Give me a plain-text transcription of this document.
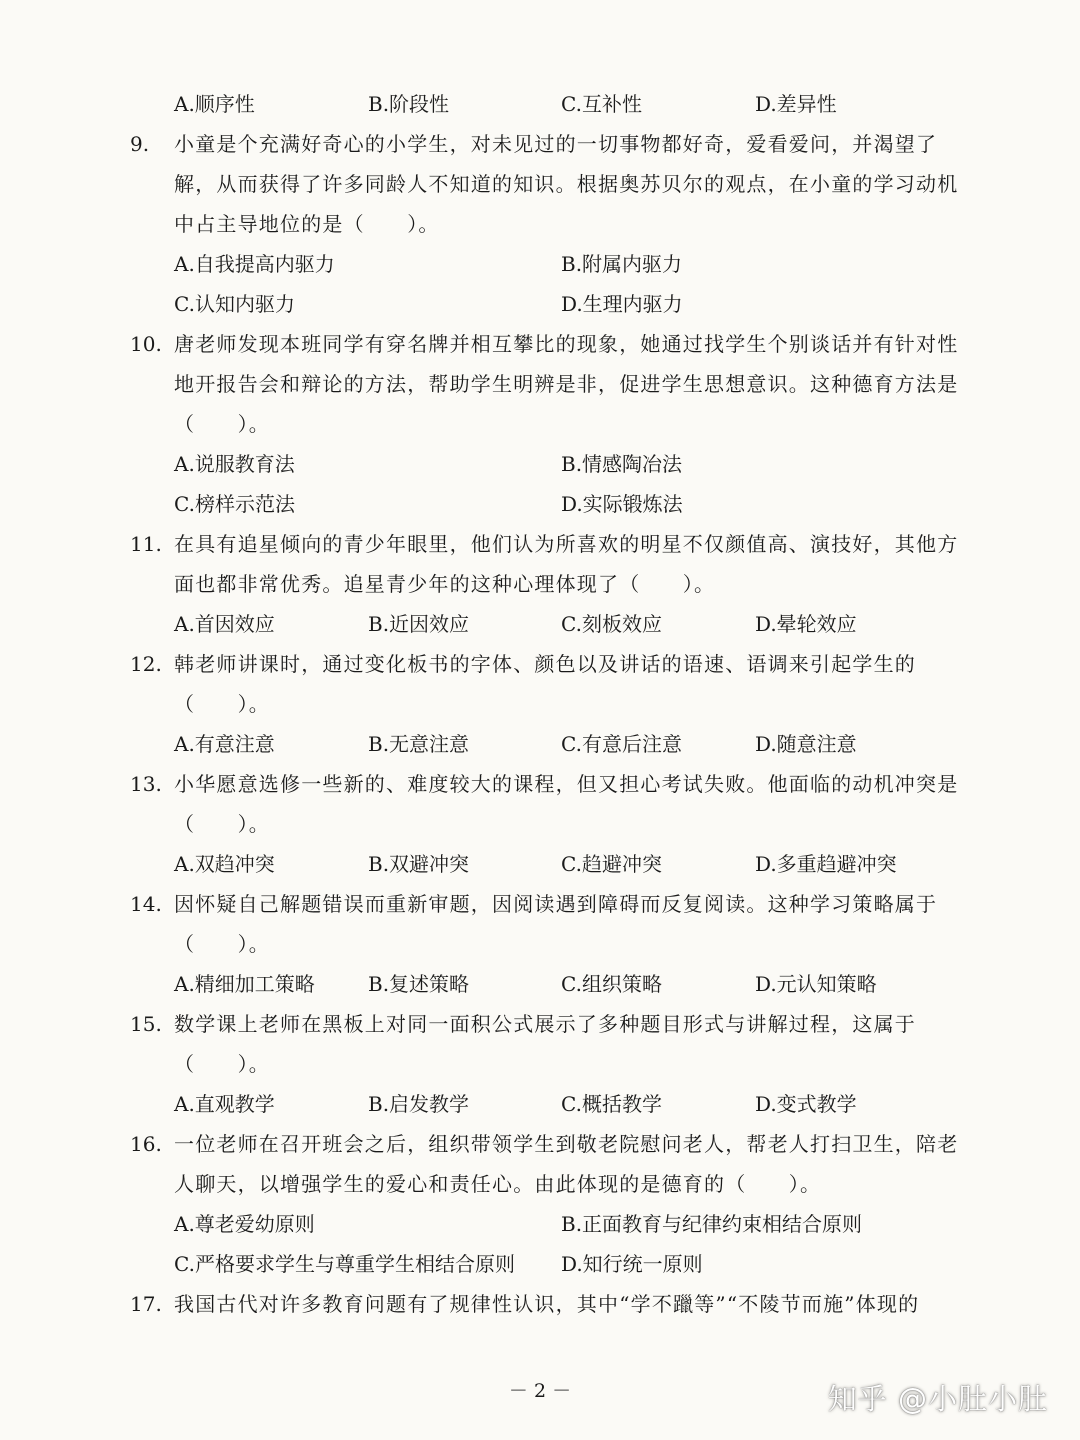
A.顺序性	B.阶段性	C.互补性	D.差异性
9.	小童是个充满好奇心的小学生，对未见过的一切事物都好奇，爱看爱问，并渴望了解，从而获得了许多同龄人不知道的知识。根据奥苏贝尔的观点，在小童的学习动机中占主导地位的是（　　）。
A.自我提高内驱力	B.附属内驱力
C.认知内驱力	D.生理内驱力
10. 唐老师发现本班同学有穿名牌并相互攀比的现象，她通过找学生个别谈话并有针对性地开报告会和辩论的方法，帮助学生明辨是非，促进学生思想意识。这种德育方法是（　　）。
A.说服教育法	B.情感陶冶法
C.榜样示范法	D.实际锻炼法
11. 在具有追星倾向的青少年眼里，他们认为所喜欢的明星不仅颜值高、演技好，其他方面也都非常优秀。追星青少年的这种心理体现了（　　）。
A.首因效应	B.近因效应	C.刻板效应	D.晕轮效应
12. 韩老师讲课时，通过变化板书的字体、颜色以及讲话的语速、语调来引起学生的（　　）。
A.有意注意	B.无意注意	C.有意后注意	D.随意注意
13. 小华愿意选修一些新的、难度较大的课程，但又担心考试失败。他面临的动机冲突是（　　）。
A.双趋冲突	B.双避冲突	C.趋避冲突	D.多重趋避冲突
14. 因怀疑自己解题错误而重新审题，因阅读遇到障碍而反复阅读。这种学习策略属于（　　）。
A.精细加工策略	B.复述策略	C.组织策略	D.元认知策略
15. 数学课上老师在黑板上对同一面积公式展示了多种题目形式与讲解过程，这属于（　　）。
A.直观教学	B.启发教学	C.概括教学	D.变式教学
16. 一位老师在召开班会之后，组织带领学生到敬老院慰问老人，帮老人打扫卫生，陪老人聊天，以增强学生的爱心和责任心。由此体现的是德育的（　　）。
A.尊老爱幼原则	B.正面教育与纪律约束相结合原则
C.严格要求学生与尊重学生相结合原则 D.知行统一原则
17. 我国古代对许多教育问题有了规律性认识，其中“学不躐等”“不陵节而施”体现的
－ 2 －	知乎 @小肚小肚
